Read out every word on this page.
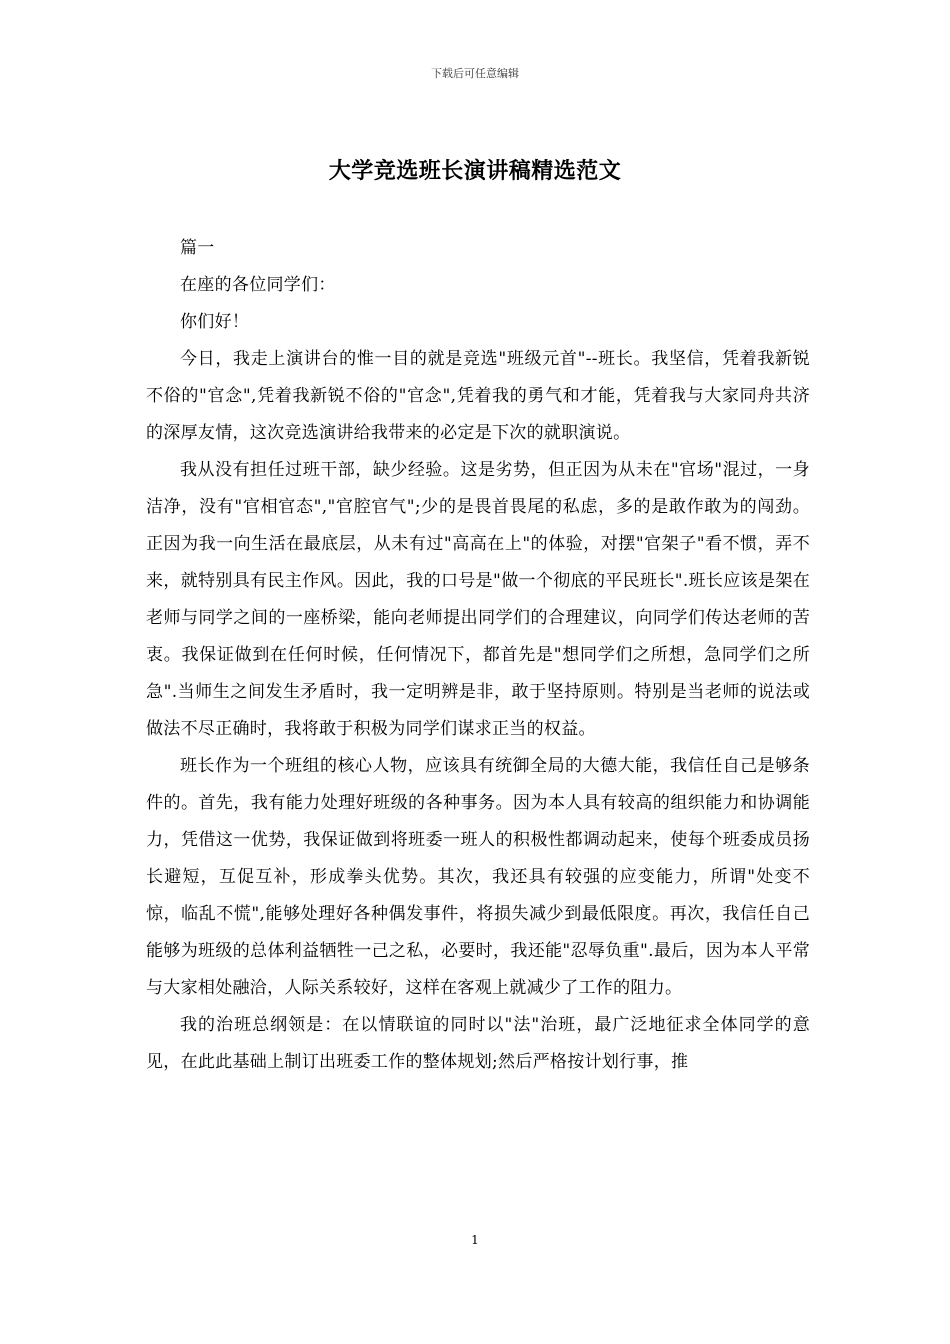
下载后可任意编辑
大学竞选班长演讲稿精选范文

篇一

在座的各位同学们：

你们好！

今日，我走上演讲台的惟一目的就是竞选"班级元首"--班长。我坚信，凭着我新锐不俗的"官念",凭着我新锐不俗的"官念",凭着我的勇气和才能，凭着我与大家同舟共济的深厚友情，这次竞选演讲给我带来的必定是下次的就职演说。

我从没有担任过班干部，缺少经验。这是劣势，但正因为从未在"官场"混过，一身洁净，没有"官相官态","官腔官气";少的是畏首畏尾的私虑，多的是敢作敢为的闯劲。正因为我一向生活在最底层，从未有过"高高在上"的体验，对摆"官架子"看不惯，弄不来，就特别具有民主作风。因此，我的口号是"做一个彻底的平民班长".班长应该是架在老师与同学之间的一座桥梁，能向老师提出同学们的合理建议，向同学们传达老师的苦衷。我保证做到在任何时候，任何情况下，都首先是"想同学们之所想，急同学们之所急".当师生之间发生矛盾时，我一定明辨是非，敢于坚持原则。特别是当老师的说法或做法不尽正确时，我将敢于积极为同学们谋求正当的权益。

班长作为一个班组的核心人物，应该具有统御全局的大德大能，我信任自己是够条件的。首先，我有能力处理好班级的各种事务。因为本人具有较高的组织能力和协调能力，凭借这一优势，我保证做到将班委一班人的积极性都调动起来，使每个班委成员扬长避短，互促互补，形成拳头优势。其次，我还具有较强的应变能力，所谓"处变不惊，临乱不慌",能够处理好各种偶发事件，将损失减少到最低限度。再次，我信任自己能够为班级的总体利益牺牲一己之私，必要时，我还能"忍辱负重".最后，因为本人平常与大家相处融洽，人际关系较好，这样在客观上就减少了工作的阻力。

我的治班总纲领是：在以情联谊的同时以"法"治班，最广泛地征求全体同学的意见，在此此基础上制订出班委工作的整体规划;然后严格按计划行事，推

1
